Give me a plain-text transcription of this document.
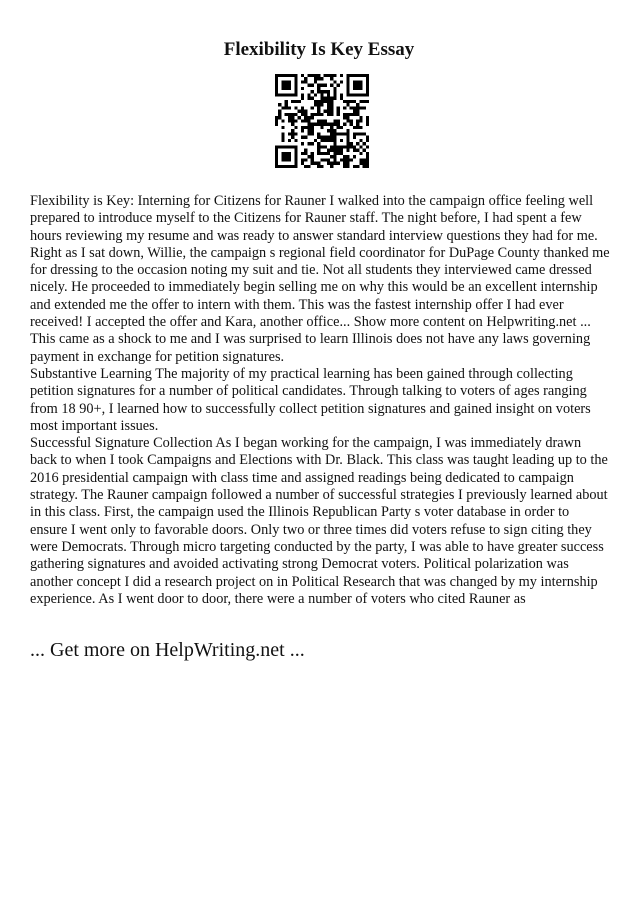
Flexibility Is Key Essay

Flexibility is Key: Interning for Citizens for Rauner I walked into the campaign office feeling well prepared to introduce myself to the Citizens for Rauner staff. The night before, I had spent a few hours reviewing my resume and was ready to answer standard interview questions they had for me. Right as I sat down, Willie, the campaign s regional field coordinator for DuPage County thanked me for dressing to the occasion noting my suit and tie. Not all students they interviewed came dressed nicely. He proceeded to immediately begin selling me on why this would be an excellent internship and extended me the offer to intern with them. This was the fastest internship offer I had ever received! I accepted the offer and Kara, another office... Show more content on Helpwriting.net ...

This came as a shock to me and I was surprised to learn Illinois does not have any laws governing payment in exchange for petition signatures.

Substantive Learning The majority of my practical learning has been gained through collecting petition signatures for a number of political candidates. Through talking to voters of ages ranging from 18 90+, I learned how to successfully collect petition signatures and gained insight on voters most important issues.

Successful Signature Collection As I began working for the campaign, I was immediately drawn back to when I took Campaigns and Elections with Dr. Black. This class was taught leading up to the 2016 presidential campaign with class time and assigned readings being dedicated to campaign strategy. The Rauner campaign followed a number of successful strategies I previously learned about in this class. First, the campaign used the Illinois Republican Party s voter database in order to ensure I went only to favorable doors. Only two or three times did voters refuse to sign citing they were Democrats. Through micro targeting conducted by the party, I was able to have greater success gathering signatures and avoided activating strong Democrat voters. Political polarization was another concept I did a research project on in Political Research that was changed by my internship experience. As I went door to door, there were a number of voters who cited Rauner as

... Get more on HelpWriting.net ...
